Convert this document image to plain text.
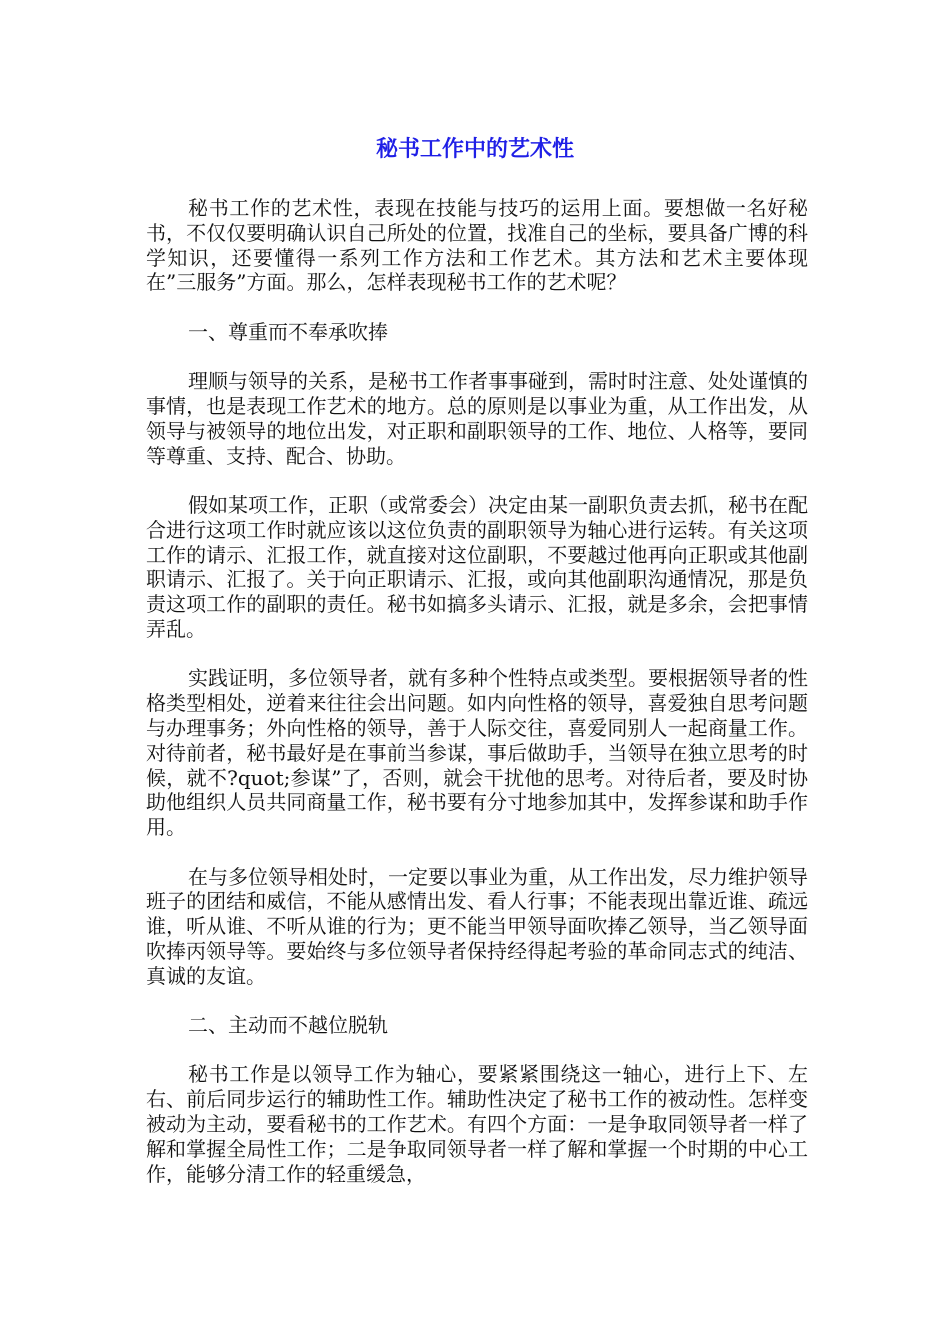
秘书工作中的艺术性

秘书工作的艺术性，表现在技能与技巧的运用上面。要想做一名好秘书，不仅仅要明确认识自己所处的位置，找准自己的坐标，要具备广博的科学知识，还要懂得一系列工作方法和工作艺术。其方法和艺术主要体现在”三服务”方面。那么，怎样表现秘书工作的艺术呢？

一、尊重而不奉承吹捧

理顺与领导的关系，是秘书工作者事事碰到，需时时注意、处处谨慎的事情，也是表现工作艺术的地方。总的原则是以事业为重，从工作出发，从领导与被领导的地位出发，对正职和副职领导的工作、地位、人格等，要同等尊重、支持、配合、协助。

假如某项工作，正职（或常委会）决定由某一副职负责去抓，秘书在配合进行这项工作时就应该以这位负责的副职领导为轴心进行运转。有关这项工作的请示、汇报工作，就直接对这位副职，不要越过他再向正职或其他副职请示、汇报了。关于向正职请示、汇报，或向其他副职沟通情况，那是负责这项工作的副职的责任。秘书如搞多头请示、汇报，就是多余，会把事情弄乱。

实践证明，多位领导者，就有多种个性特点或类型。要根据领导者的性格类型相处，逆着来往往会出问题。如内向性格的领导，喜爱独自思考问题与办理事务；外向性格的领导，善于人际交往，喜爱同别人一起商量工作。对待前者，秘书最好是在事前当参谋，事后做助手，当领导在独立思考的时候，就不?quot;参谋”了，否则，就会干扰他的思考。对待后者，要及时协助他组织人员共同商量工作，秘书要有分寸地参加其中，发挥参谋和助手作用。

在与多位领导相处时，一定要以事业为重，从工作出发，尽力维护领导班子的团结和威信，不能从感情出发、看人行事；不能表现出靠近谁、疏远谁，听从谁、不听从谁的行为；更不能当甲领导面吹捧乙领导，当乙领导面吹捧丙领导等。要始终与多位领导者保持经得起考验的革命同志式的纯洁、真诚的友谊。

二、主动而不越位脱轨

秘书工作是以领导工作为轴心，要紧紧围绕这一轴心，进行上下、左右、前后同步运行的辅助性工作。辅助性决定了秘书工作的被动性。怎样变被动为主动，要看秘书的工作艺术。有四个方面：一是争取同领导者一样了解和掌握全局性工作；二是争取同领导者一样了解和掌握一个时期的中心工作，能够分清工作的轻重缓急，
